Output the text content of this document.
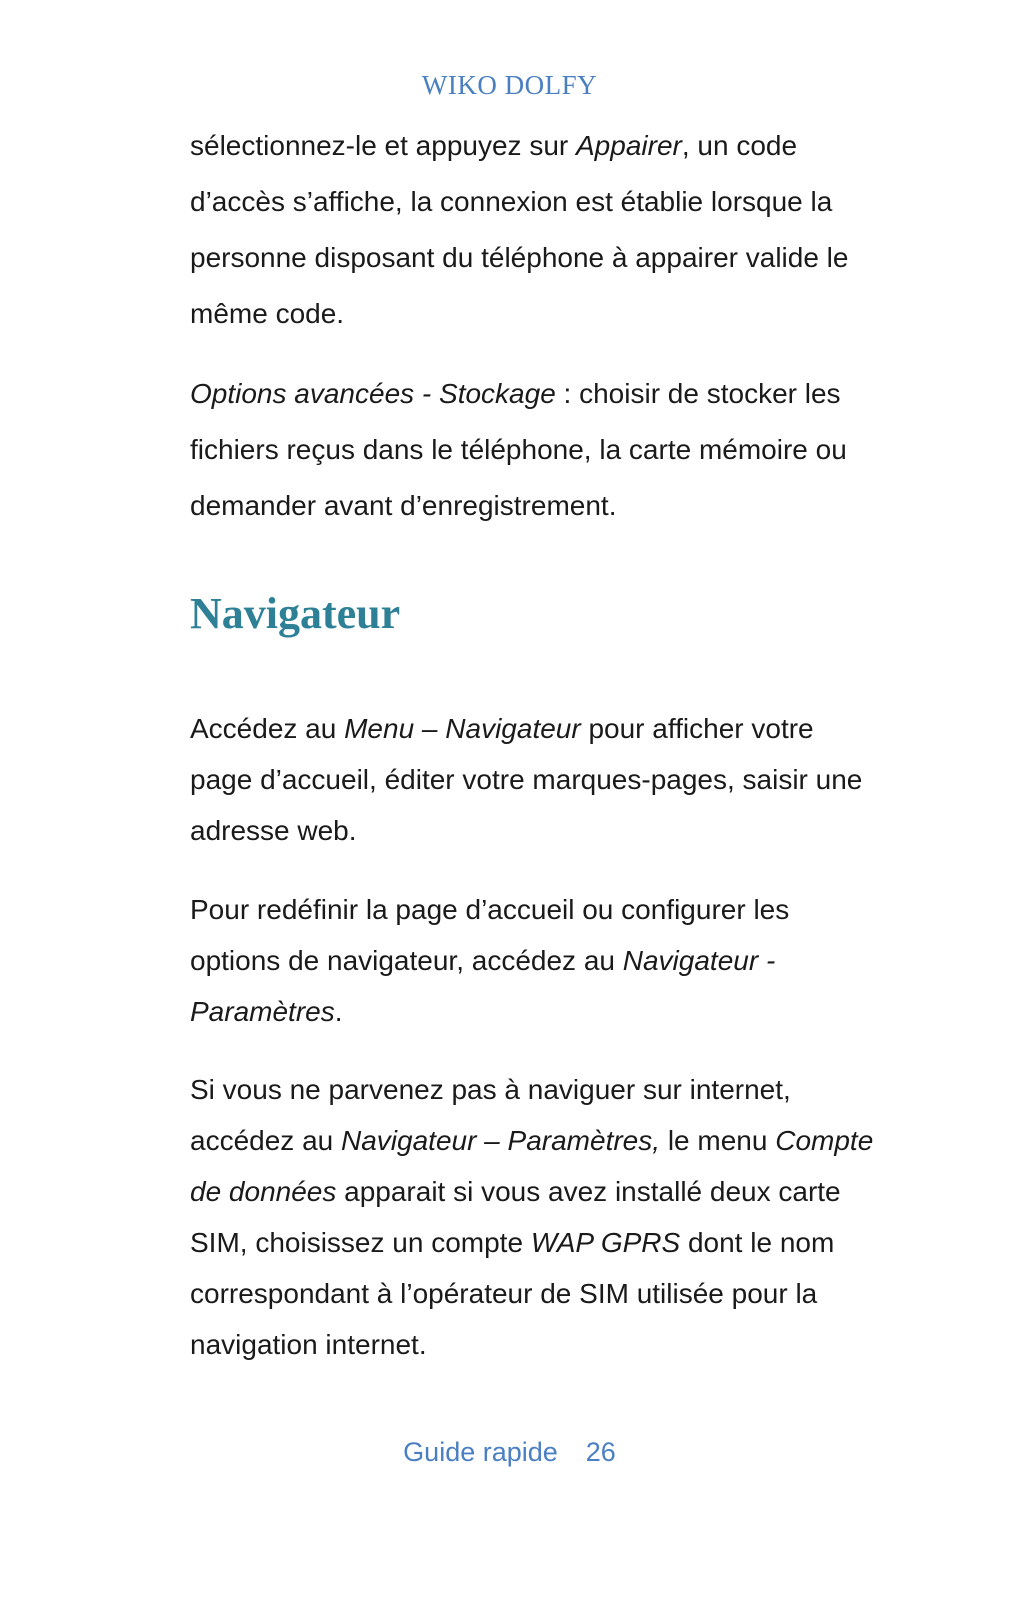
WIKO DOLFY

sélectionnez-le et appuyez sur Appairer, un code d’accès s’affiche, la connexion est établie lorsque la personne disposant du téléphone à appairer valide le même code.

Options avancées - Stockage : choisir de stocker les fichiers reçus dans le téléphone, la carte mémoire ou demander avant d’enregistrement.

Navigateur

Accédez au Menu – Navigateur pour afficher votre page d’accueil, éditer votre marques-pages, saisir une adresse web.

Pour redéfinir la page d’accueil ou configurer les options de navigateur, accédez au Navigateur - Paramètres.

Si vous ne parvenez pas à naviguer sur internet, accédez au Navigateur – Paramètres, le menu Compte de données apparait si vous avez installé deux carte SIM, choisissez un compte WAP GPRS dont le nom correspondant à l’opérateur de SIM utilisée pour la navigation internet.

Guide rapide 26
